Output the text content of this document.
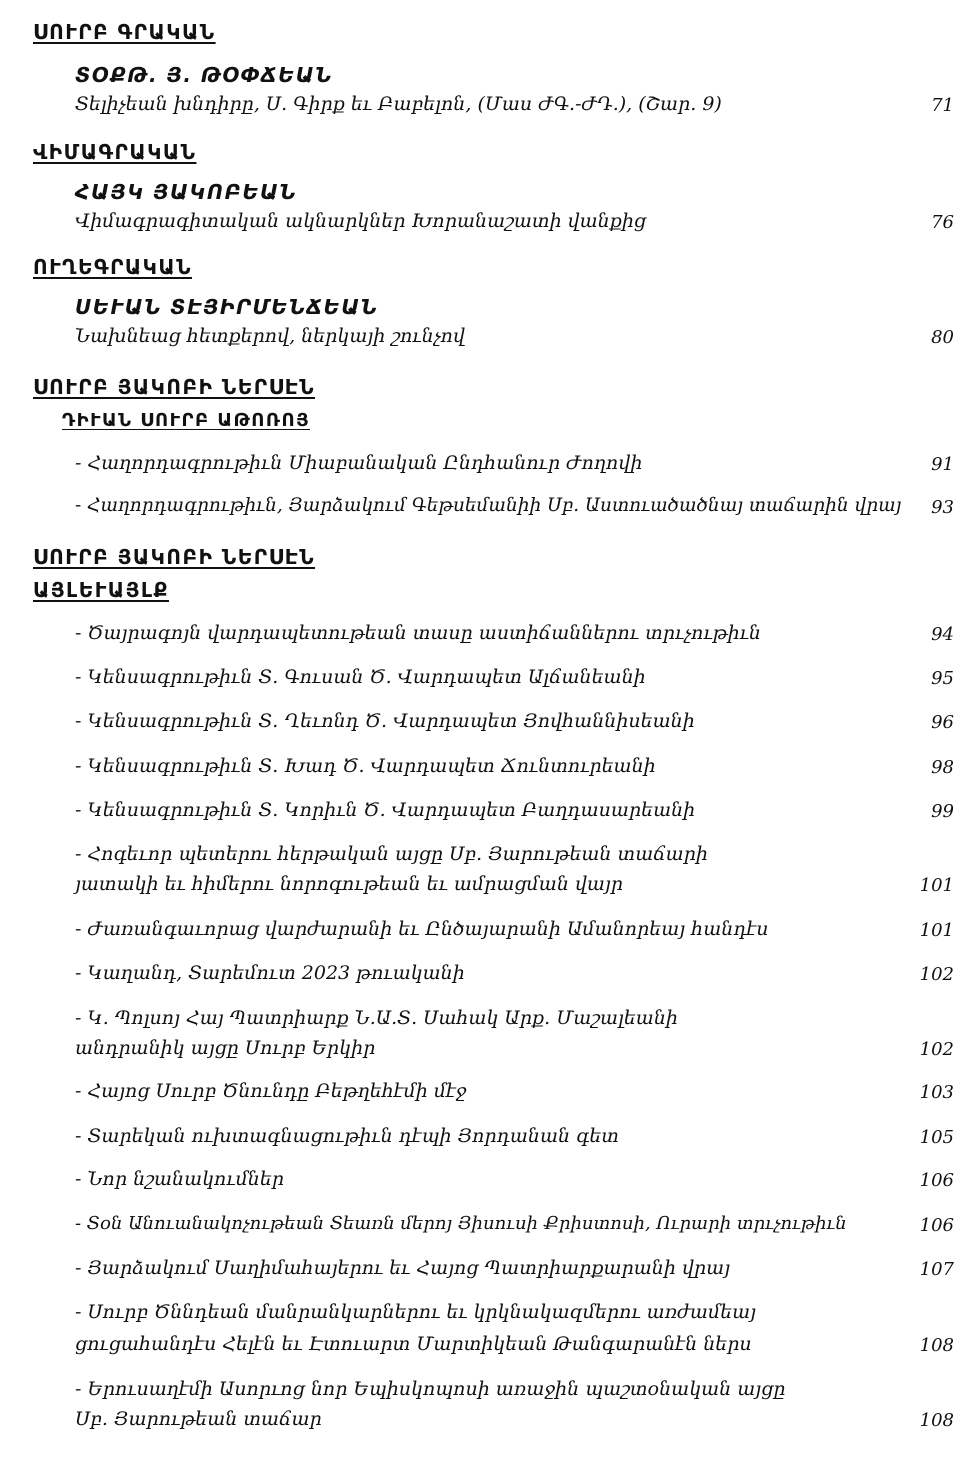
ՍՈՒՐԲ ԳՐԱԿԱՆ
ՏՕՔԹ. Յ. ԹՕՓՃԵԱՆ
Տելիչեան խնդիրը, Ս. Գիրք եւ Բաբելոն, (Մաս ԺԳ.-ԺԴ.), (Շար. 9)	71
ՎԻՄԱԳՐԱԿԱՆ
ՀԱՅԿ ՅԱԿՈԲԵԱՆ
Վիմագրագիտական ակնարկներ Խորանաշատի վանքից	76
ՈՒՂԵԳՐԱԿԱՆ
ՍԵՒԱՆ ՏԷՅԻՐՄԵՆՃԵԱՆ
Նախնեաց հետքերով, ներկայի շունչով	80
ՍՈՒՐԲ ՅԱԿՈԲԻ ՆԵՐՍԷՆ
ԴԻՒԱՆ ՍՈՒՐԲ ԱԹՈՌՈՅ
- Հաղորդագրութիւն Միաբանական Ընդհանուր Ժողովի	91
- Հաղորդագրութիւն, Յարձակում Գեթսեմանիի Սբ. Աստուածածնայ տաճարին վրայ 93
ՍՈՒՐԲ ՅԱԿՈԲԻ ՆԵՐՍԷՆ
ԱՅԼԵՒԱՅԼՔ
- Ծայրագոյն վարդապետութեան տասը աստիճաններու տրւչութիւն	94
- Կենսագրութիւն Տ. Գուսան Ծ. Վարդապետ Ալճանեանի	95
- Կենսագրութիւն Տ. Ղեւոնդ Ծ. Վարդապետ Յովհաննիսեանի	96
- Կենսագրութիւն Տ. Խադ Ծ. Վարդապետ Ճունտուրեանի	98
- Կենսագրութիւն Տ. Կորիւն Ծ. Վարդապետ Բաղդասարեանի	99
- Հոգեւոր պետերու հերթական այցը Սբ. Յարութեան տաճարի
յատակի եւ հիմերու նորոգութեան եւ ամրացման վայր	101
- Ժառանգաւորաց վարժարանի եւ Ընծայարանի Ամանորեայ հանդէս	101
- Կաղանդ, Տարեմուտ 2023 թուականի	102
- Կ. Պոլսոյ Հայ Պատրիարք Ն.Ա.Տ. Սահակ Արք. Մաշալեանի
անդրանիկ այցը Սուրբ Երկիր	102
- Հայոց Սուրբ Ծնունդը Բեթղեհէմի մէջ	103
- Տարեկան ուխտագնացութիւն դէպի Յորդանան գետ	105
- Նոր նշանակումներ	106
- Տօն Անուանակոչութեան Տեառն մերոյ Յիսուսի Քրիստոսի, Ուրարի տրւչութիւն	106
- Յարձակում Սաղիմահայերու եւ Հայոց Պատրիարքարանի վրայ	107
- Սուրբ Ծննդեան մանրանկարներու եւ կրկնակազմերու առժամեայ
ցուցահանդէս Հելէն եւ Էտուարտ Մարտիկեան Թանգարանէն ներս	108
- Երուսաղէմի Ասորւոց նոր Եպիսկոպոսի առաջին պաշտօնական այցը
Սբ. Յարութեան տաճար	108
